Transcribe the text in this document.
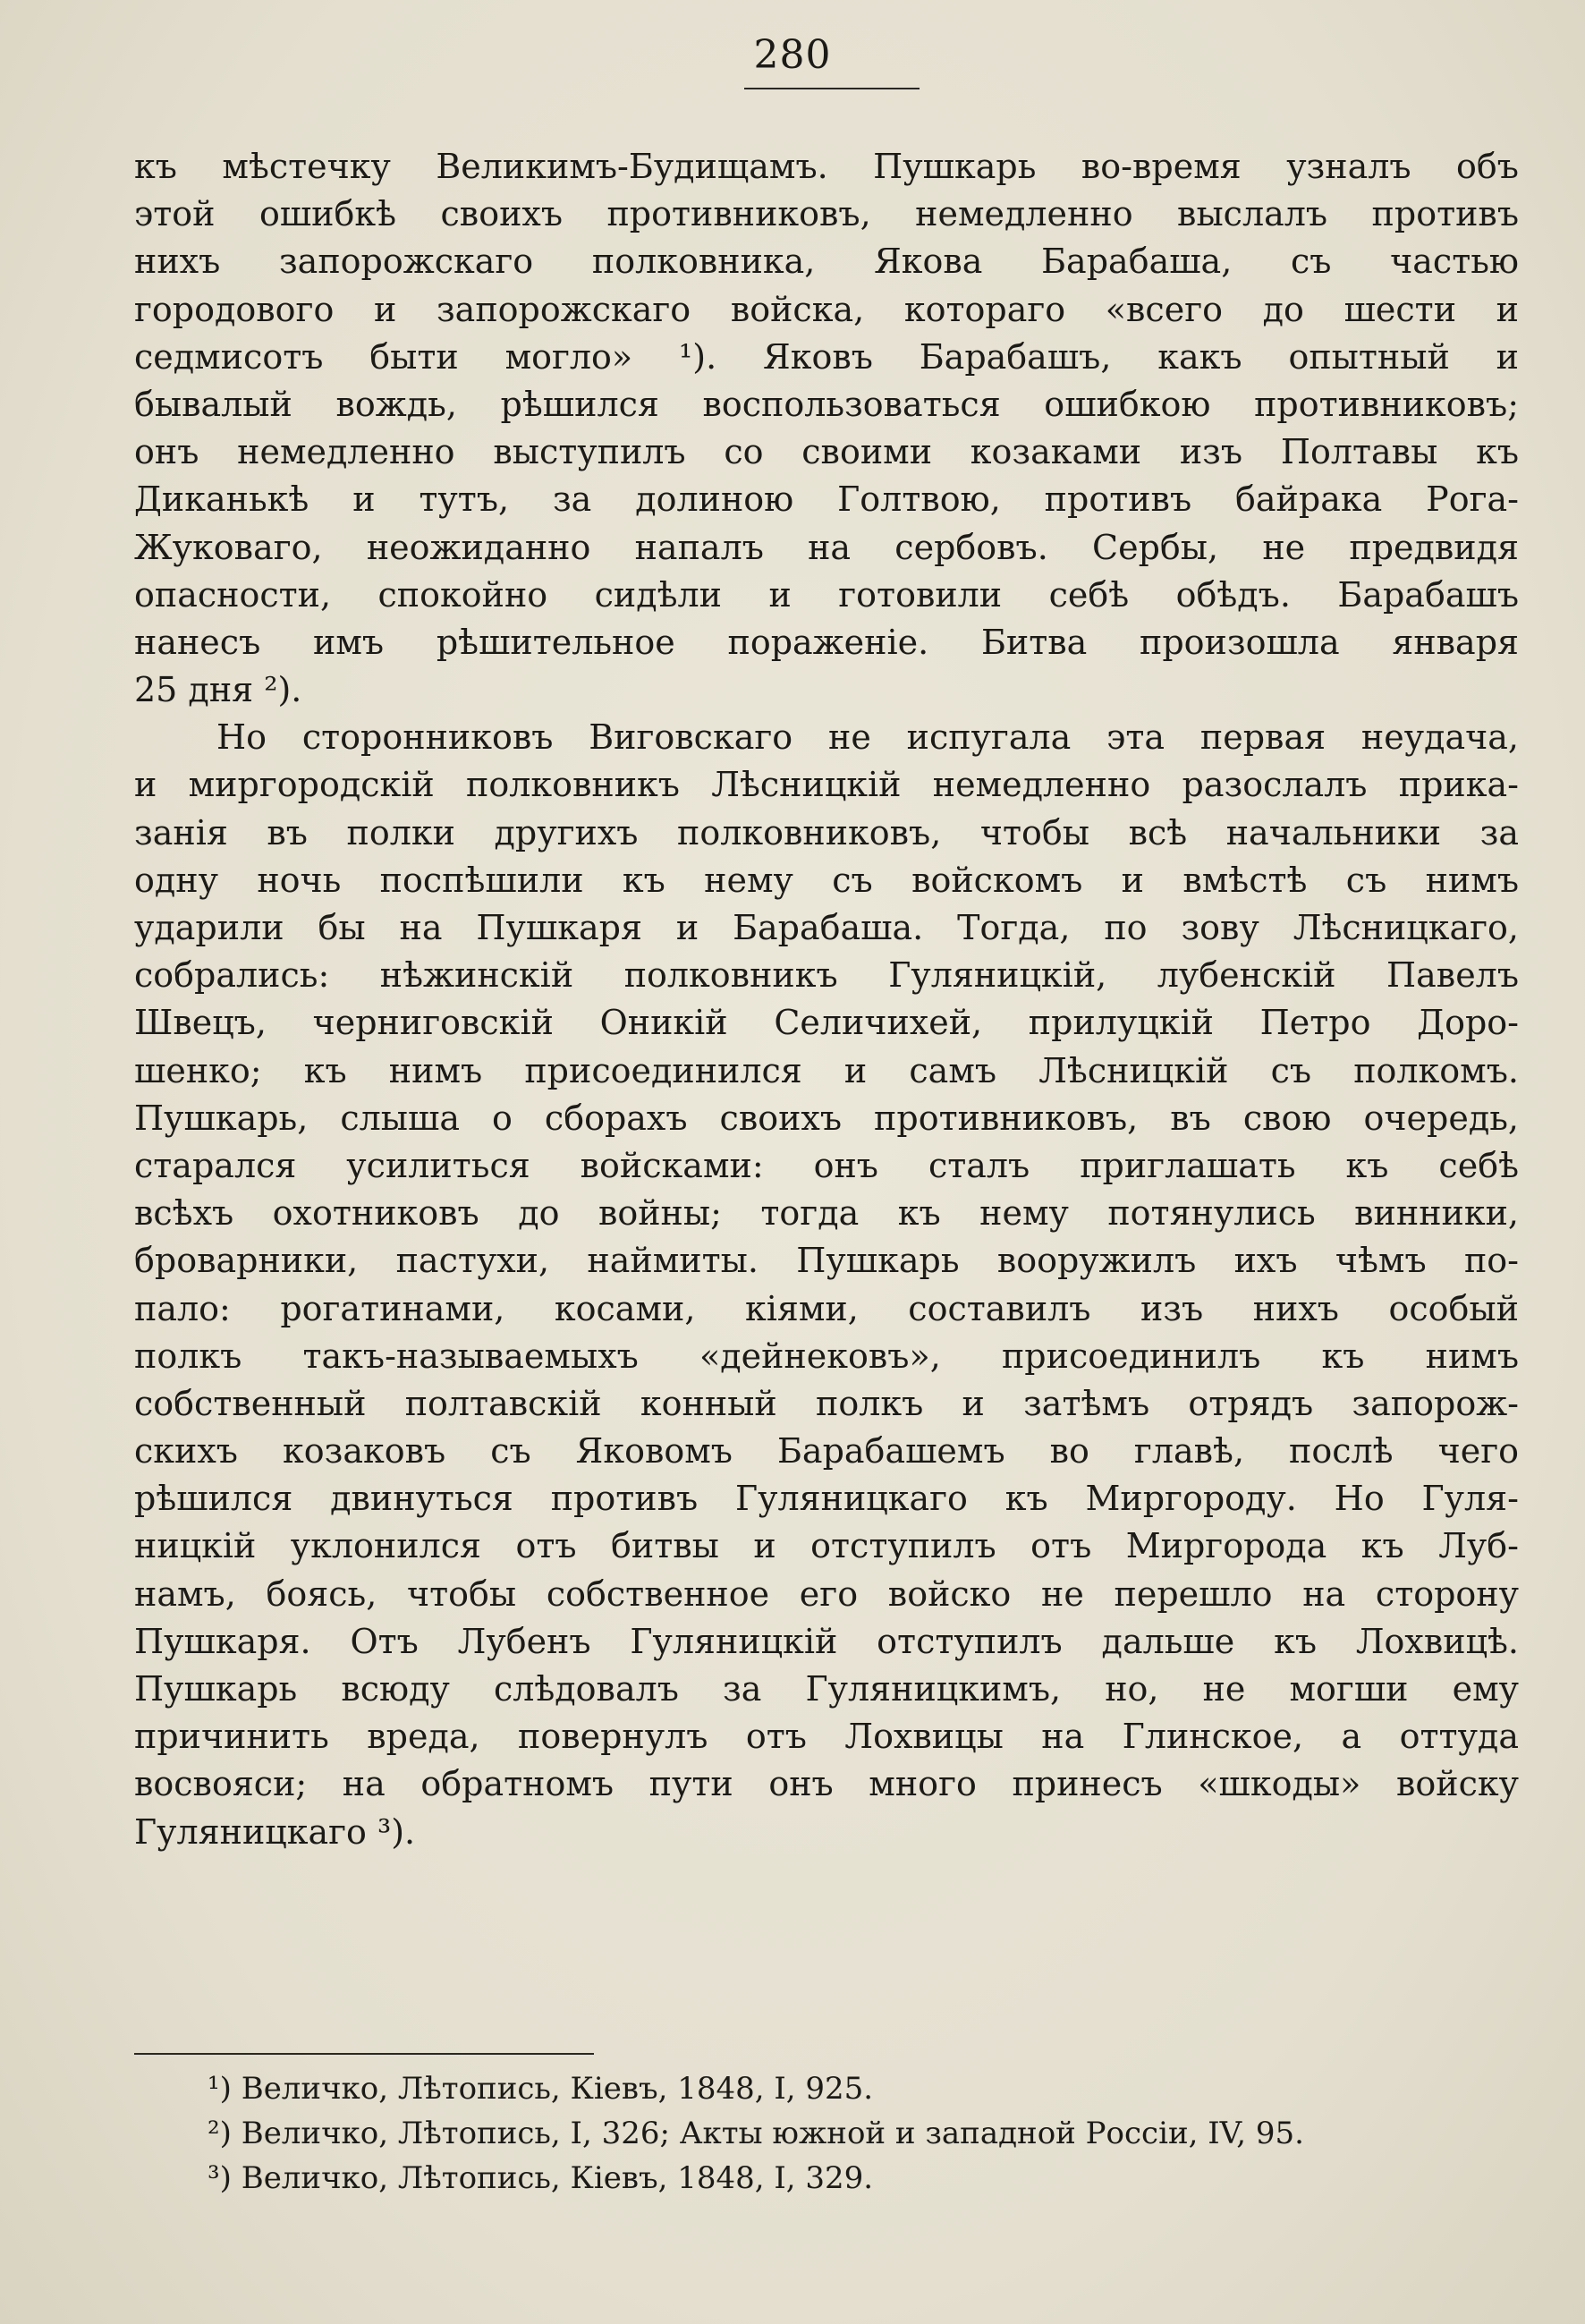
280
къ мѣстечку Великимъ-Будищамъ. Пушкарь во-время узналъ объ
этой ошибкѣ своихъ противниковъ, немедленно выслалъ противъ
нихъ запорожскаго полковника, Якова Барабаша, съ частью
городового и запорожскаго войска, котораго «всего до шести и
седмисотъ быти могло» ¹). Яковъ Барабашъ, какъ опытный и
бывалый вождь, рѣшился воспользоваться ошибкою противниковъ;
онъ немедленно выступилъ со своими козаками изъ Полтавы къ
Диканькѣ и тутъ, за долиною Голтвою, противъ байрака Рога-
Жуковаго, неожиданно напалъ на сербовъ. Сербы, не предвидя
опасности, спокойно сидѣли и готовили себѣ обѣдъ. Барабашъ
нанесъ имъ рѣшительное пораженіе. Битва произошла января
25 дня ²).
Но сторонниковъ Виговскаго не испугала эта первая неудача,
и миргородскій полковникъ Лѣсницкій немедленно разослалъ прика-
занія въ полки другихъ полковниковъ, чтобы всѣ начальники за
одну ночь поспѣшили къ нему съ войскомъ и вмѣстѣ съ нимъ
ударили бы на Пушкаря и Барабаша. Тогда, по зову Лѣсницкаго,
собрались: нѣжинскій полковникъ Гуляницкій, лубенскій Павелъ
Швецъ, черниговскій Оникій Селичихей, прилуцкій Петро Доро-
шенко; къ нимъ присоединился и самъ Лѣсницкій съ полкомъ.
Пушкарь, слыша о сборахъ своихъ противниковъ, въ свою очередь,
старался усилиться войсками: онъ сталъ приглашать къ себѣ
всѣхъ охотниковъ до войны; тогда къ нему потянулись винники,
броварники, пастухи, наймиты. Пушкарь вооружилъ ихъ чѣмъ по-
пало: рогатинами, косами, кіями, составилъ изъ нихъ особый
полкъ такъ-называемыхъ «дейнековъ», присоединилъ къ нимъ
собственный полтавскій конный полкъ и затѣмъ отрядъ запорож-
скихъ козаковъ съ Яковомъ Барабашемъ во главѣ, послѣ чего
рѣшился двинуться противъ Гуляницкаго къ Миргороду. Но Гуля-
ницкій уклонился отъ битвы и отступилъ отъ Миргорода къ Луб-
намъ, боясь, чтобы собственное его войско не перешло на сторону
Пушкаря. Отъ Лубенъ Гуляницкій отступилъ дальше къ Лохвицѣ.
Пушкарь всюду слѣдовалъ за Гуляницкимъ, но, не могши ему
причинить вреда, повернулъ отъ Лохвицы на Глинское, а оттуда
восвояси; на обратномъ пути онъ много принесъ «шкоды» войску
Гуляницкаго ³).
¹) Величко, Лѣтопись, Кіевъ, 1848, I, 925.
²) Величко, Лѣтопись, I, 326; Акты южной и западной Россіи, IV, 95.
³) Величко, Лѣтопись, Кіевъ, 1848, I, 329.
